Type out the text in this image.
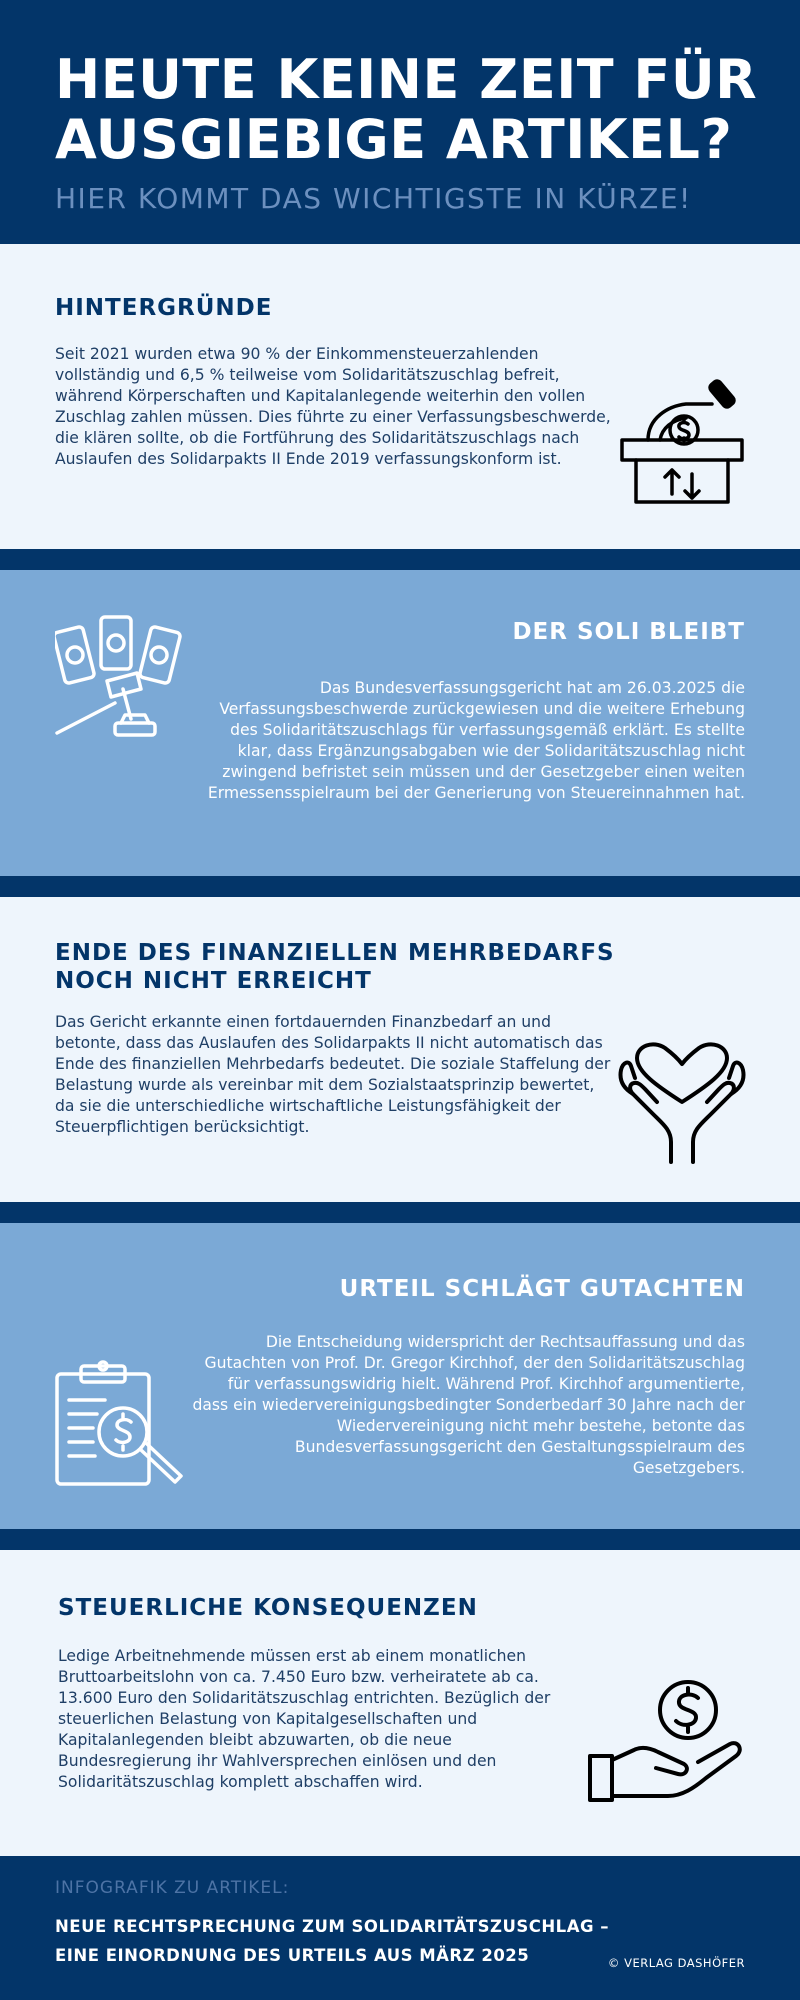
HEUTE KEINE ZEIT FÜR AUSGIEBIGE ARTIKEL?
HIER KOMMT DAS WICHTIGSTE IN KÜRZE!
HINTERGRÜNDE

Seit 2021 wurden etwa 90 % der Einkommensteuerzahlenden vollständig und 6,5 % teilweise vom Solidaritätszuschlag befreit, während Körperschaften und Kapitalanlegende weiterhin den vollen Zuschlag zahlen müssen. Dies führte zu einer Verfassungsbeschwerde, die klären sollte, ob die Fortführung des Solidaritätszuschlags nach Auslaufen des Solidarpakts II Ende 2019 verfassungskonform ist.

DER SOLI BLEIBT

Das Bundesverfassungsgericht hat am 26.03.2025 die Verfassungsbeschwerde zurückgewiesen und die weitere Erhebung des Solidaritätszuschlags für verfassungsgemäß erklärt. Es stellte klar, dass Ergänzungsabgaben wie der Solidaritätszuschlag nicht zwingend befristet sein müssen und der Gesetzgeber einen weiten Ermessensspielraum bei der Generierung von Steuereinnahmen hat.

ENDE DES FINANZIELLEN MEHRBEDARFS NOCH NICHT ERREICHT

Das Gericht erkannte einen fortdauernden Finanzbedarf an und betonte, dass das Auslaufen des Solidarpakts II nicht automatisch das Ende des finanziellen Mehrbedarfs bedeutet. Die soziale Staffelung der Belastung wurde als vereinbar mit dem Sozialstaatsprinzip bewertet, da sie die unterschiedliche wirtschaftliche Leistungsfähigkeit der Steuerpflichtigen berücksichtigt.

URTEIL SCHLÄGT GUTACHTEN

Die Entscheidung widerspricht der Rechtsauffassung und das Gutachten von Prof. Dr. Gregor Kirchhof, der den Solidaritätszuschlag für verfassungswidrig hielt. Während Prof. Kirchhof argumentierte, dass ein wiedervereinigungsbedingter Sonderbedarf 30 Jahre nach der Wiedervereinigung nicht mehr bestehe, betonte das Bundesverfassungsgericht den Gestaltungsspielraum des Gesetzgebers.

STEUERLICHE KONSEQUENZEN

Ledige Arbeitnehmende müssen erst ab einem monatlichen Bruttoarbeitslohn von ca. 7.450 Euro bzw. verheiratete ab ca. 13.600 Euro den Solidaritätszuschlag entrichten. Bezüglich der steuerlichen Belastung von Kapitalgesellschaften und Kapitalanlegenden bleibt abzuwarten, ob die neue Bundesregierung ihr Wahlversprechen einlösen und den Solidaritätszuschlag komplett abschaffen wird.

INFOGRAFIK ZU ARTIKEL:
NEUE RECHTSPRECHUNG ZUM SOLIDARITÄTSZUSCHLAG – EINE EINORDNUNG DES URTEILS AUS MÄRZ 2025	© VERLAG DASHÖFER
